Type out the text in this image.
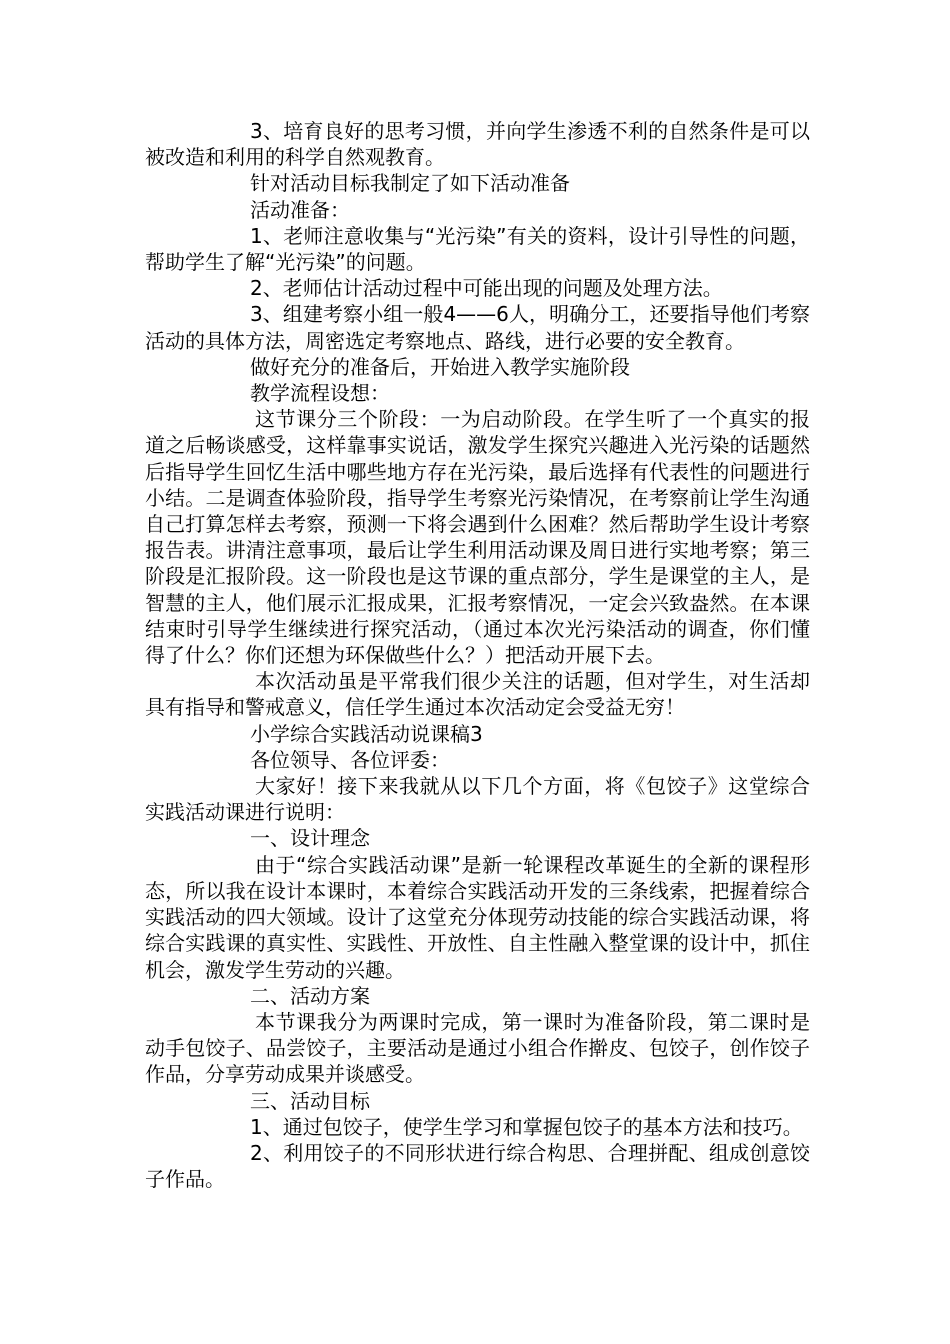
3、培育良好的思考习惯，并向学生渗透不利的自然条件是可以被改造和利用的科学自然观教育。

针对活动目标我制定了如下活动准备

活动准备：

1、老师注意收集与“光污染”有关的资料，设计引导性的问题，帮助学生了解“光污染”的问题。

2、老师估计活动过程中可能出现的问题及处理方法。

3、组建考察小组一般4——6人，明确分工，还要指导他们考察活动的具体方法，周密选定考察地点、路线，进行必要的安全教育。

做好充分的准备后，开始进入教学实施阶段

教学流程设想：

这节课分三个阶段：一为启动阶段。在学生听了一个真实的报道之后畅谈感受，这样靠事实说话，激发学生探究兴趣进入光污染的话题然后指导学生回忆生活中哪些地方存在光污染，最后选择有代表性的问题进行小结。二是调查体验阶段，指导学生考察光污染情况，在考察前让学生沟通自己打算怎样去考察，预测一下将会遇到什么困难？然后帮助学生设计考察报告表。讲清注意事项，最后让学生利用活动课及周日进行实地考察；第三阶段是汇报阶段。这一阶段也是这节课的重点部分，学生是课堂的主人，是智慧的主人，他们展示汇报成果，汇报考察情况，一定会兴致盎然。在本课结束时引导学生继续进行探究活动，（通过本次光污染活动的调查，你们懂得了什么？你们还想为环保做些什么？）把活动开展下去。

本次活动虽是平常我们很少关注的话题，但对学生，对生活却具有指导和警戒意义，信任学生通过本次活动定会受益无穷！

小学综合实践活动说课稿3

各位领导、各位评委：

大家好！接下来我就从以下几个方面，将《包饺子》这堂综合实践活动课进行说明：

一、设计理念

由于“综合实践活动课”是新一轮课程改革诞生的全新的课程形态，所以我在设计本课时，本着综合实践活动开发的三条线索，把握着综合实践活动的四大领域。设计了这堂充分体现劳动技能的综合实践活动课，将综合实践课的真实性、实践性、开放性、自主性融入整堂课的设计中，抓住机会，激发学生劳动的兴趣。

二、活动方案

本节课我分为两课时完成，第一课时为准备阶段，第二课时是动手包饺子、品尝饺子，主要活动是通过小组合作擀皮、包饺子，创作饺子作品，分享劳动成果并谈感受。

三、活动目标

1、通过包饺子，使学生学习和掌握包饺子的基本方法和技巧。

2、利用饺子的不同形状进行综合构思、合理拼配、组成创意饺子作品。
